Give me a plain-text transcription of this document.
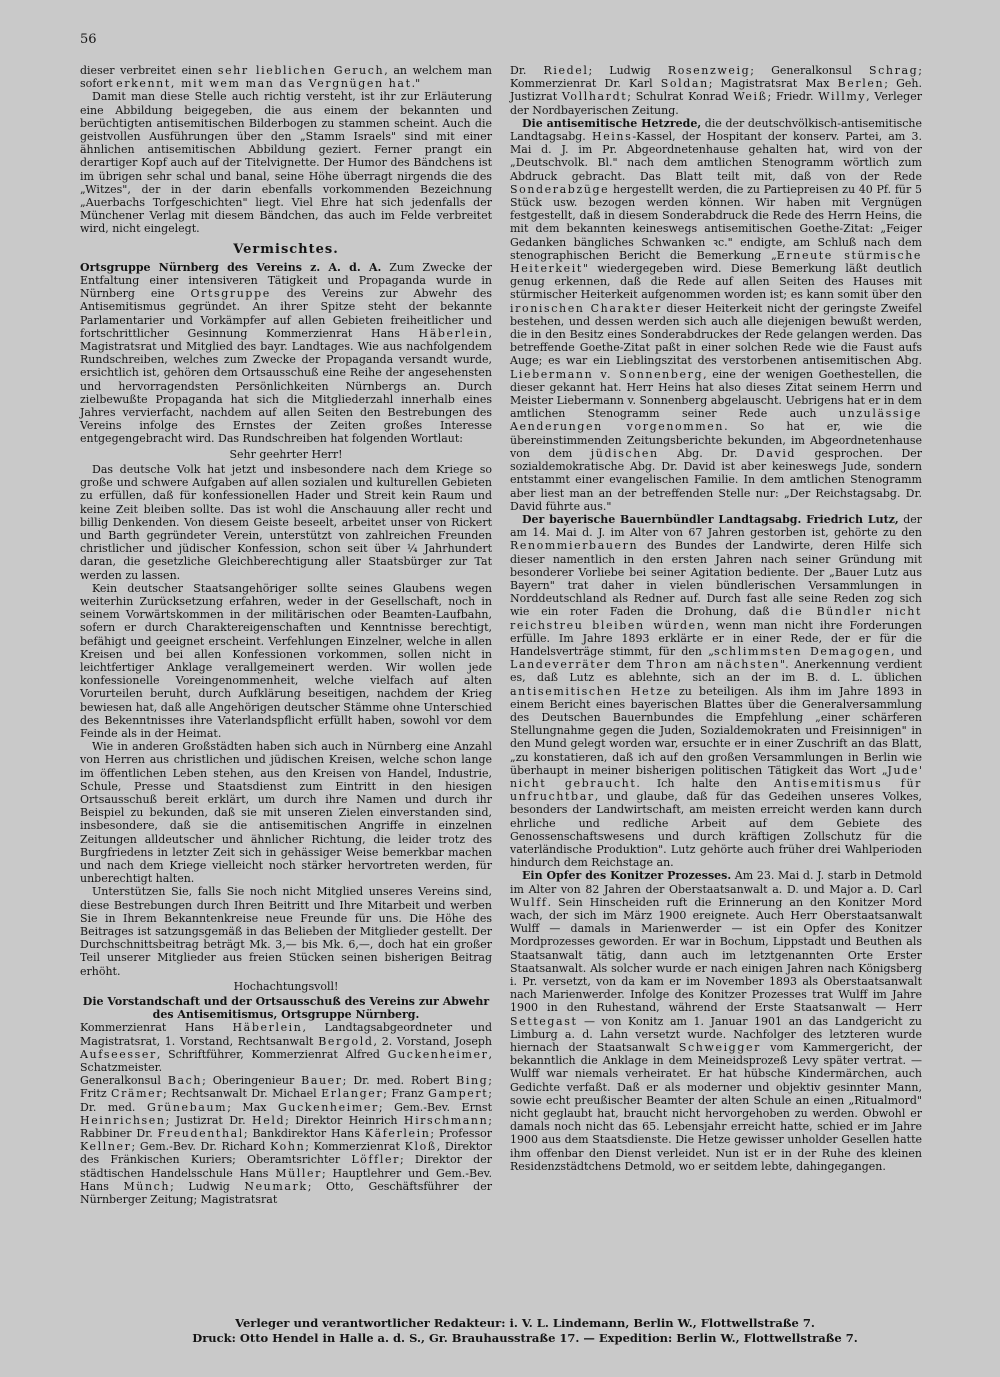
56

dieser verbreitet einen sehr lieblichen Geruch, an welchem man sofort erkennt, mit wem man das Vergnügen hat."

Damit man diese Stelle auch richtig versteht, ist ihr zur Erläuterung eine Abbildung beigegeben, die aus einem der bekannten und berüchtigten antisemitischen Bilderbogen zu stammen scheint. Auch die geistvollen Ausführungen über den „Stamm Israels" sind mit einer ähnlichen antisemitischen Abbildung geziert. Ferner prangt ein derartiger Kopf auch auf der Titelvignette. Der Humor des Bändchens ist im übrigen sehr schal und banal, seine Höhe überragt nirgends die des „Witzes", der in der darin ebenfalls vorkommenden Bezeichnung „Auerbachs Torfgeschichten" liegt. Viel Ehre hat sich jedenfalls der Münchener Verlag mit diesem Bändchen, das auch im Felde verbreitet wird, nicht eingelegt.

Vermischtes.

Ortsgruppe Nürnberg des Vereins z. A. d. A. Zum Zwecke der Entfaltung einer intensiveren Tätigkeit und Propaganda wurde in Nürnberg eine Ortsgruppe des Vereins zur Abwehr des Antisemitismus gegründet. An ihrer Spitze steht der bekannte Parlamentarier und Vorkämpfer auf allen Gebieten freiheitlicher und fortschrittlicher Gesinnung Kommerzienrat Hans Häberlein, Magistratsrat und Mitglied des bayr. Landtages. Wie aus nachfolgendem Rundschreiben, welches zum Zwecke der Propaganda versandt wurde, ersichtlich ist, gehören dem Ortsausschuß eine Reihe der angesehensten und hervorragendsten Persönlichkeiten Nürnbergs an. Durch zielbewußte Propaganda hat sich die Mitgliederzahl innerhalb eines Jahres vervierfacht, nachdem auf allen Seiten den Bestrebungen des Vereins infolge des Ernstes der Zeiten großes Interesse entgegengebracht wird. Das Rundschreiben hat folgenden Wortlaut:

Sehr geehrter Herr!

Das deutsche Volk hat jetzt und insbesondere nach dem Kriege so große und schwere Aufgaben auf allen sozialen und kulturellen Gebieten zu erfüllen, daß für konfessionellen Hader und Streit kein Raum und keine Zeit bleiben sollte. Das ist wohl die Anschauung aller recht und billig Denkenden. Von diesem Geiste beseelt, arbeitet unser von Rickert und Barth gegründeter Verein, unterstützt von zahlreichen Freunden christlicher und jüdischer Konfession, schon seit über ¼ Jahrhundert daran, die gesetzliche Gleichberechtigung aller Staatsbürger zur Tat werden zu lassen.

Kein deutscher Staatsangehöriger sollte seines Glaubens wegen weiterhin Zurücksetzung erfahren, weder in der Gesellschaft, noch in seinem Vorwärtskommen in der militärischen oder Beamten-Laufbahn, sofern er durch Charaktereigenschaften und Kenntnisse berechtigt, befähigt und geeignet erscheint. Verfehlungen Einzelner, welche in allen Kreisen und bei allen Konfessionen vorkommen, sollen nicht in leichtfertiger Anklage verallgemeinert werden. Wir wollen jede konfessionelle Voreingenommenheit, welche vielfach auf alten Vorurteilen beruht, durch Aufklärung beseitigen, nachdem der Krieg bewiesen hat, daß alle Angehörigen deutscher Stämme ohne Unterschied des Bekenntnisses ihre Vaterlandspflicht erfüllt haben, sowohl vor dem Feinde als in der Heimat.

Wie in anderen Großstädten haben sich auch in Nürnberg eine Anzahl von Herren aus christlichen und jüdischen Kreisen, welche schon lange im öffentlichen Leben stehen, aus den Kreisen von Handel, Industrie, Schule, Presse und Staatsdienst zum Eintritt in den hiesigen Ortsausschuß bereit erklärt, um durch ihre Namen und durch ihr Beispiel zu bekunden, daß sie mit unseren Zielen einverstanden sind, insbesondere, daß sie die antisemitischen Angriffe in einzelnen Zeitungen alldeutscher und ähnlicher Richtung, die leider trotz des Burgfriedens in letzter Zeit sich in gehässiger Weise bemerkbar machen und nach dem Kriege vielleicht noch stärker hervortreten werden, für unberechtigt halten.

Unterstützen Sie, falls Sie noch nicht Mitglied unseres Vereins sind, diese Bestrebungen durch Ihren Beitritt und Ihre Mitarbeit und werben Sie in Ihrem Bekanntenkreise neue Freunde für uns. Die Höhe des Beitrages ist satzungsgemäß in das Belieben der Mitglieder gestellt. Der Durchschnittsbeitrag beträgt Mk. 3,— bis Mk. 6,—, doch hat ein großer Teil unserer Mitglieder aus freien Stücken seinen bisherigen Beitrag erhöht.

Hochachtungsvoll!

Die Vorstandschaft und der Ortsausschuß des Vereins zur Abwehr des Antisemitismus, Ortsgruppe Nürnberg.

Kommerzienrat Hans Häberlein, Landtagsabgeordneter und Magistratsrat, 1. Vorstand, Rechtsanwalt Bergold, 2. Vorstand, Joseph Aufseesser, Schriftführer, Kommerzienrat Alfred Guckenheimer, Schatzmeister.

Generalkonsul Bach; Oberingenieur Bauer; Dr. med. Robert Bing; Fritz Crämer; Rechtsanwalt Dr. Michael Erlanger; Franz Gampert; Dr. med. Grünebaum; Max Guckenheimer; Gem.-Bev. Ernst Heinrichsen; Justizrat Dr. Held; Direktor Heinrich Hirschmann; Rabbiner Dr. Freudenthal; Bankdirektor Hans Käferlein; Professor Kellner; Gem.-Bev. Dr. Richard Kohn; Kommerzienrat Kloß, Direktor des Fränkischen Kuriers; Oberamtsrichter Löffler; Direktor der städtischen Handelsschule Hans Müller; Hauptlehrer und Gem.-Bev. Hans Münch; Ludwig Neumark; Otto, Geschäftsführer der Nürnberger Zeitung; Magistratsrat

Dr. Riedel; Ludwig Rosenzweig; Generalkonsul Schrag; Kommerzienrat Dr. Karl Soldan; Magistratsrat Max Berlen; Geh. Justizrat Vollhardt; Schulrat Konrad Weiß; Friedr. Willmy, Verleger der Nordbayerischen Zeitung.

Die antisemitische Hetzrede, die der deutschvölkisch-antisemitische Landtagsabg. Heins-Kassel, der Hospitant der konserv. Partei, am 3. Mai d. J. im Pr. Abgeordnetenhause gehalten hat, wird von der „Deutschvolk. Bl." nach dem amtlichen Stenogramm wörtlich zum Abdruck gebracht. Das Blatt teilt mit, daß von der Rede Sonderabzüge hergestellt werden, die zu Partiepreisen zu 40 Pf. für 5 Stück usw. bezogen werden können. Wir haben mit Vergnügen festgestellt, daß in diesem Sonderabdruck die Rede des Herrn Heins, die mit dem bekannten keineswegs antisemitischen Goethe-Zitat: „Feiger Gedanken bängliches Schwanken ꝛc." endigte, am Schluß nach dem stenographischen Bericht die Bemerkung „Erneute stürmische Heiterkeit" wiedergegeben wird. Diese Bemerkung läßt deutlich genug erkennen, daß die Rede auf allen Seiten des Hauses mit stürmischer Heiterkeit aufgenommen worden ist; es kann somit über den ironischen Charakter dieser Heiterkeit nicht der geringste Zweifel bestehen, und dessen werden sich auch alle diejenigen bewußt werden, die in den Besitz eines Sonderabdruckes der Rede gelangen werden. Das betreffende Goethe-Zitat paßt in einer solchen Rede wie die Faust aufs Auge; es war ein Lieblingszitat des verstorbenen antisemitischen Abg. Liebermann v. Sonnenberg, eine der wenigen Goethestellen, die dieser gekannt hat. Herr Heins hat also dieses Zitat seinem Herrn und Meister Liebermann v. Sonnenberg abgelauscht. Uebrigens hat er in dem amtlichen Stenogramm seiner Rede auch unzulässige Aenderungen vorgenommen. So hat er, wie die übereinstimmenden Zeitungsberichte bekunden, im Abgeordnetenhause von dem jüdischen Abg. Dr. David gesprochen. Der sozialdemokratische Abg. Dr. David ist aber keineswegs Jude, sondern entstammt einer evangelischen Familie. In dem amtlichen Stenogramm aber liest man an der betreffenden Stelle nur: „Der Reichstagsabg. Dr. David führte aus."

Der bayerische Bauernbündler Landtagsabg. Friedrich Lutz, der am 14. Mai d. J. im Alter von 67 Jahren gestorben ist, gehörte zu den Renommierbauern des Bundes der Landwirte, deren Hilfe sich dieser namentlich in den ersten Jahren nach seiner Gründung mit besonderer Vorliebe bei seiner Agitation bediente. Der „Bauer Lutz aus Bayern" trat daher in vielen bündlerischen Versammlungen in Norddeutschland als Redner auf. Durch fast alle seine Reden zog sich wie ein roter Faden die Drohung, daß die Bündler nicht reichstreu bleiben würden, wenn man nicht ihre Forderungen erfülle. Im Jahre 1893 erklärte er in einer Rede, der er für die Handelsverträge stimmt, für den „schlimmsten Demagogen, und Landeverräter dem Thron am nächsten". Anerkennung verdient es, daß Lutz es ablehnte, sich an der im B. d. L. üblichen antisemitischen Hetze zu beteiligen. Als ihm im Jahre 1893 in einem Bericht eines bayerischen Blattes über die Generalversammlung des Deutschen Bauernbundes die Empfehlung „einer schärferen Stellungnahme gegen die Juden, Sozialdemokraten und Freisinnigen" in den Mund gelegt worden war, ersuchte er in einer Zuschrift an das Blatt, „zu konstatieren, daß ich auf den großen Versammlungen in Berlin wie überhaupt in meiner bisherigen politischen Tätigkeit das Wort „Jude' nicht gebraucht. Ich halte den Antisemitismus für unfruchtbar, und glaube, daß für das Gedeihen unseres Volkes, besonders der Landwirtschaft, am meisten erreicht werden kann durch ehrliche und redliche Arbeit auf dem Gebiete des Genossenschaftswesens und durch kräftigen Zollschutz für die vaterländische Produktion". Lutz gehörte auch früher drei Wahlperioden hindurch dem Reichstage an.

Ein Opfer des Konitzer Prozesses. Am 23. Mai d. J. starb in Detmold im Alter von 82 Jahren der Oberstaatsanwalt a. D. und Major a. D. Carl Wulff. Sein Hinscheiden ruft die Erinnerung an den Konitzer Mord wach, der sich im März 1900 ereignete. Auch Herr Oberstaatsanwalt Wulff — damals in Marienwerder — ist ein Opfer des Konitzer Mordprozesses geworden. Er war in Bochum, Lippstadt und Beuthen als Staatsanwalt tätig, dann auch im letztgenannten Orte Erster Staatsanwalt. Als solcher wurde er nach einigen Jahren nach Königsberg i. Pr. versetzt, von da kam er im November 1893 als Oberstaatsanwalt nach Marienwerder. Infolge des Konitzer Prozesses trat Wulff im Jahre 1900 in den Ruhestand, während der Erste Staatsanwalt — Herr Settegast — von Konitz am 1. Januar 1901 an das Landgericht zu Limburg a. d. Lahn versetzt wurde. Nachfolger des letzteren wurde hiernach der Staatsanwalt Schweigger vom Kammergericht, der bekanntlich die Anklage in dem Meineidsprozeß Levy später vertrat. — Wulff war niemals verheiratet. Er hat hübsche Kindermärchen, auch Gedichte verfaßt. Daß er als moderner und objektiv gesinnter Mann, sowie echt preußischer Beamter der alten Schule an einen „Ritualmord" nicht geglaubt hat, braucht nicht hervorgehoben zu werden. Obwohl er damals noch nicht das 65. Lebensjahr erreicht hatte, schied er im Jahre 1900 aus dem Staatsdienste. Die Hetze gewisser unholder Gesellen hatte ihm offenbar den Dienst verleidet. Nun ist er in der Ruhe des kleinen Residenzstädtchens Detmold, wo er seitdem lebte, dahingegangen.

Verleger und verantwortlicher Redakteur: i. V. L. Lindemann, Berlin W., Flottwellstraße 7.
Druck: Otto Hendel in Halle a. d. S., Gr. Brauhausstraße 17. — Expedition: Berlin W., Flottwellstraße 7.
